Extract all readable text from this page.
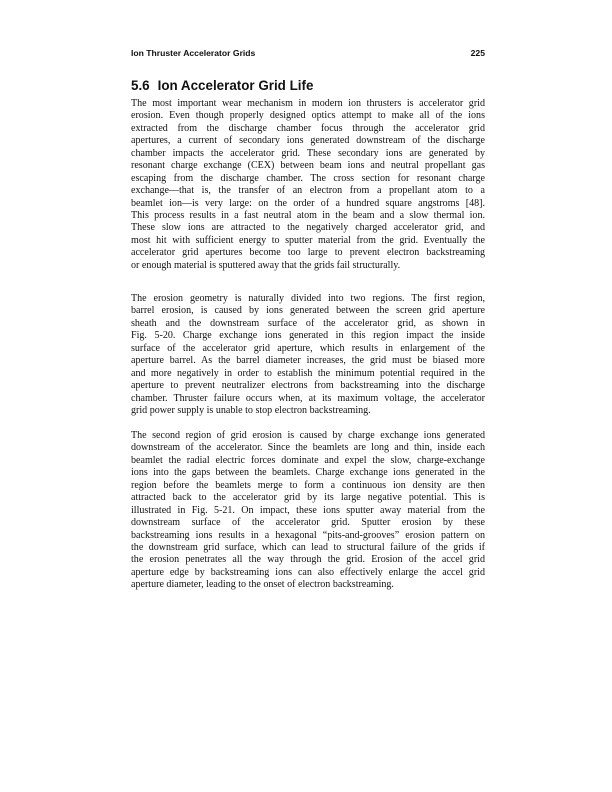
Ion Thruster Accelerator Grids	225
5.6 Ion Accelerator Grid Life
The most important wear mechanism in modern ion thrusters is accelerator grid
erosion. Even though properly designed optics attempt to make all of the ions
extracted from the discharge chamber focus through the accelerator grid
apertures, a current of secondary ions generated downstream of the discharge
chamber impacts the accelerator grid. These secondary ions are generated by
resonant charge exchange (CEX) between beam ions and neutral propellant gas
escaping from the discharge chamber. The cross section for resonant charge
exchange—that is, the transfer of an electron from a propellant atom to a
beamlet ion—is very large: on the order of a hundred square angstroms [48].
This process results in a fast neutral atom in the beam and a slow thermal ion.
These slow ions are attracted to the negatively charged accelerator grid, and
most hit with sufficient energy to sputter material from the grid. Eventually the
accelerator grid apertures become too large to prevent electron backstreaming
or enough material is sputtered away that the grids fail structurally.
The erosion geometry is naturally divided into two regions. The first region,
barrel erosion, is caused by ions generated between the screen grid aperture
sheath and the downstream surface of the accelerator grid, as shown in
Fig. 5-20. Charge exchange ions generated in this region impact the inside
surface of the accelerator grid aperture, which results in enlargement of the
aperture barrel. As the barrel diameter increases, the grid must be biased more
and more negatively in order to establish the minimum potential required in the
aperture to prevent neutralizer electrons from backstreaming into the discharge
chamber. Thruster failure occurs when, at its maximum voltage, the accelerator
grid power supply is unable to stop electron backstreaming.
The second region of grid erosion is caused by charge exchange ions generated
downstream of the accelerator. Since the beamlets are long and thin, inside each
beamlet the radial electric forces dominate and expel the slow, charge-exchange
ions into the gaps between the beamlets. Charge exchange ions generated in the
region before the beamlets merge to form a continuous ion density are then
attracted back to the accelerator grid by its large negative potential. This is
illustrated in Fig. 5-21. On impact, these ions sputter away material from the
downstream surface of the accelerator grid. Sputter erosion by these
backstreaming ions results in a hexagonal “pits-and-grooves” erosion pattern on
the downstream grid surface, which can lead to structural failure of the grids if
the erosion penetrates all the way through the grid. Erosion of the accel grid
aperture edge by backstreaming ions can also effectively enlarge the accel grid
aperture diameter, leading to the onset of electron backstreaming.
